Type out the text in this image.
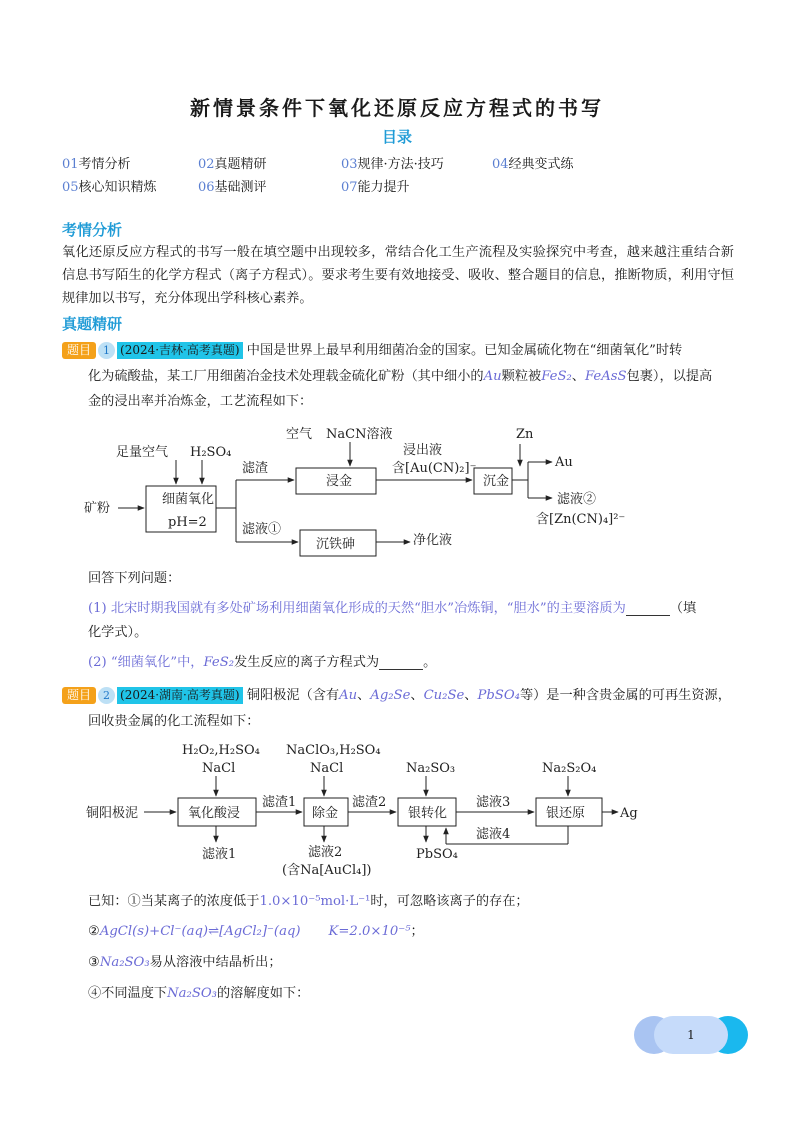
新情景条件下氧化还原反应方程式的书写
目录
01考情分析	02真题精研	03规律·方法·技巧	04经典变式练
05核心知识精炼	06基础测评	07能力提升
考情分析
氧化还原反应方程式的书写一般在填空题中出现较多，常结合化工生产流程及实验探究中考查，越来越注重结合新信息书写陌生的化学方程式（离子方程式）。要求考生要有效地接受、吸收、整合题目的信息，推断物质，利用守恒规律加以书写，充分体现出学科核心素养。
真题精研
题目 1 (2024·吉林·高考真题) 中国是世界上最早利用细菌冶金的国家。已知金属硫化物在“细菌氧化”时转
化为硫酸盐，某工厂用细菌冶金技术处理载金硫化矿粉（其中细小的Au颗粒被FeS₂、FeAsS包裹），以提高
金的浸出率并冶炼金，工艺流程如下：
矿粉
足量空气 H₂SO₄
细菌氧化
pH=2
滤渣
滤液①
空气 NaCN溶液
浸金
沉铁砷	净化液
浸出液
含[Au(CN)₂]⁻
Zn
沉金
Au
滤液②
含[Zn(CN)₄]²⁻
回答下列问题：
(1) 北宋时期我国就有多处矿场利用细菌氧化形成的天然“胆水”冶炼铜，“胆水”的主要溶质为	（填
化学式）。
(2) “细菌氧化”中，FeS₂发生反应的离子方程式为	。
题目 2 (2024·湖南·高考真题) 铜阳极泥（含有Au、Ag₂Se、Cu₂Se、PbSO₄等）是一种含贵金属的可再生资源，
回收贵金属的化工流程如下：
铜阳极泥
H₂O₂,H₂SO₄
NaCl
氧化酸浸
滤液1
滤渣1
NaClO₃,H₂SO₄
NaCl
除金
滤液2
(含Na[AuCl₄])
滤渣2
Na₂SO₃
银转化
PbSO₄
滤液3
滤液4
Na₂S₂O₄
银还原	Ag
已知：①当某离子的浓度低于1.0×10⁻⁵mol·L⁻¹时，可忽略该离子的存在；
②AgCl(s)+Cl⁻(aq)⇌[AgCl₂]⁻(aq) K=2.0×10⁻⁵；
③Na₂SO₃易从溶液中结晶析出；
④不同温度下Na₂SO₃的溶解度如下：
1
